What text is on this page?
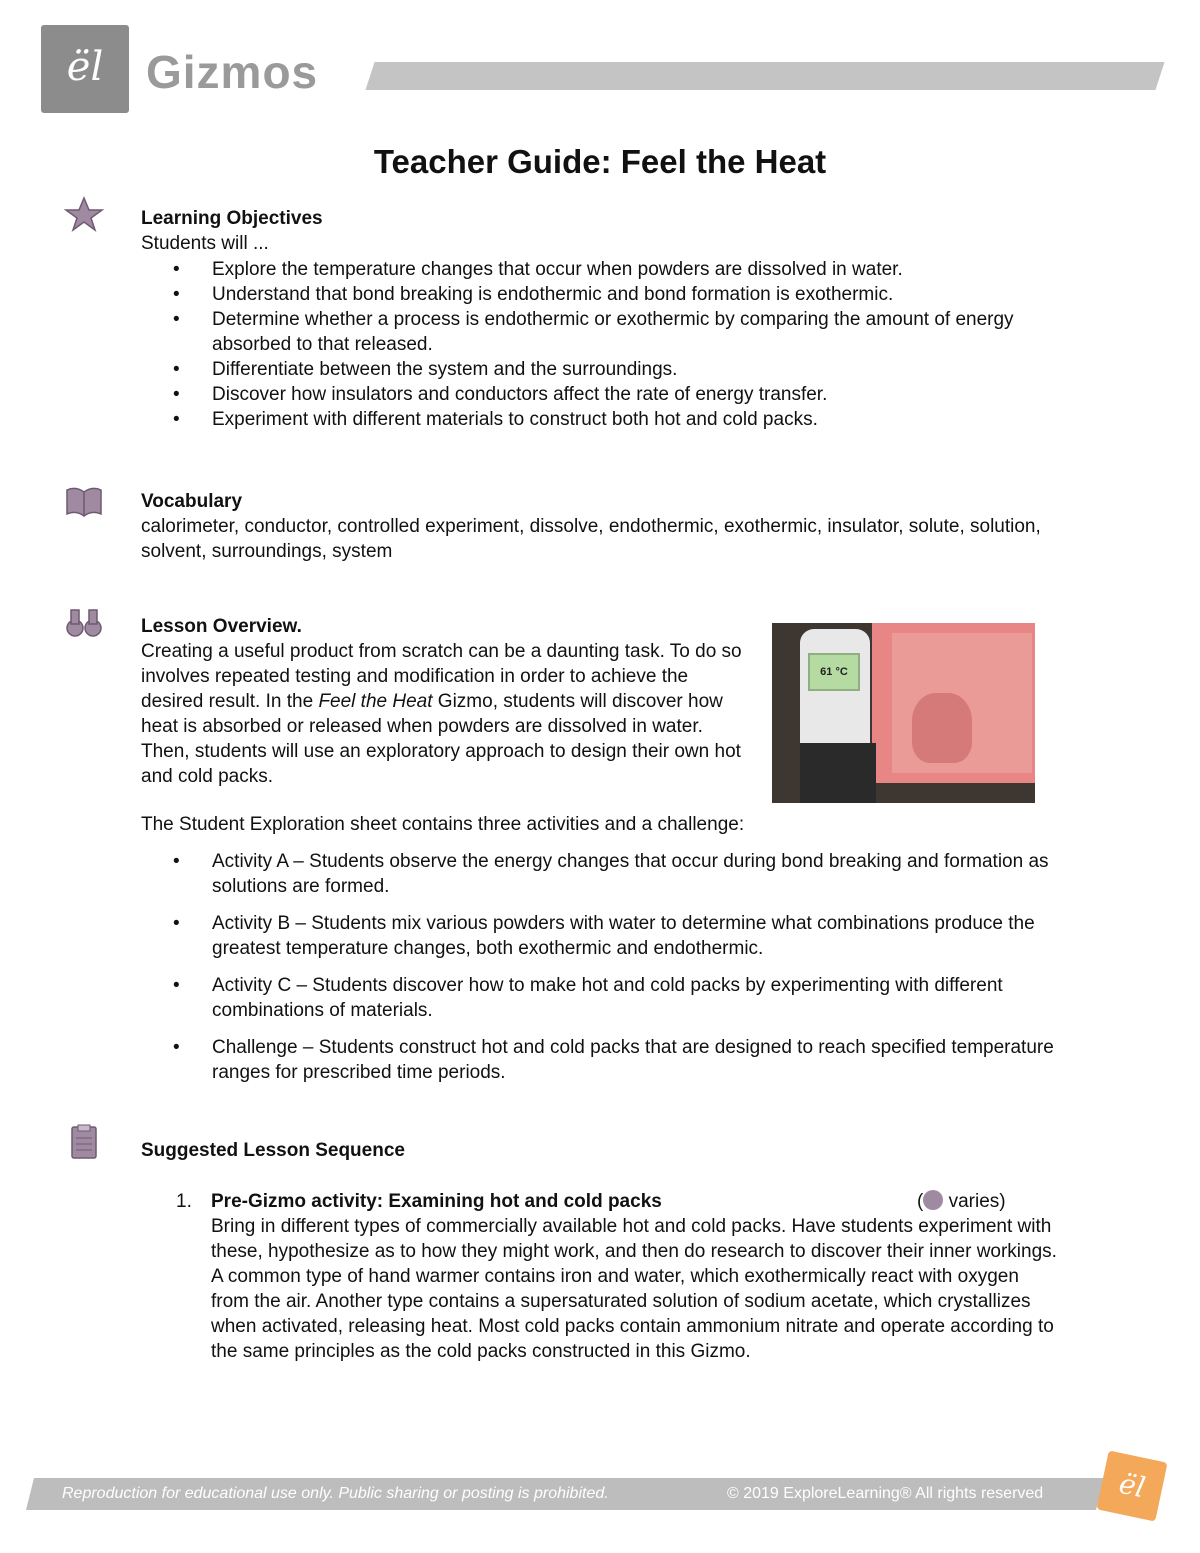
ël Gizmos
Teacher Guide: Feel the Heat
Learning Objectives
Students will ...
• Explore the temperature changes that occur when powders are dissolved in water.
• Understand that bond breaking is endothermic and bond formation is exothermic.
• Determine whether a process is endothermic or exothermic by comparing the amount of energy absorbed to that released.
• Differentiate between the system and the surroundings.
• Discover how insulators and conductors affect the rate of energy transfer.
• Experiment with different materials to construct both hot and cold packs.
Vocabulary
calorimeter, conductor, controlled experiment, dissolve, endothermic, exothermic, insulator, solute, solution, solvent, surroundings, system
Lesson Overview.
Creating a useful product from scratch can be a daunting task. To do so involves repeated testing and modification in order to achieve the desired result. In the Feel the Heat Gizmo, students will discover how heat is absorbed or released when powders are dissolved in water. Then, students will use an exploratory approach to design their own hot and cold packs.
61 °C
The Student Exploration sheet contains three activities and a challenge:
• Activity A – Students observe the energy changes that occur during bond breaking and formation as solutions are formed.
• Activity B – Students mix various powders with water to determine what combinations produce the greatest temperature changes, both exothermic and endothermic.
• Activity C – Students discover how to make hot and cold packs by experimenting with different combinations of materials.
• Challenge – Students construct hot and cold packs that are designed to reach specified temperature ranges for prescribed time periods.
Suggested Lesson Sequence
1. Pre-Gizmo activity: Examining hot and cold packs	( varies)
Bring in different types of commercially available hot and cold packs. Have students experiment with these, hypothesize as to how they might work, and then do research to discover their inner workings. A common type of hand warmer contains iron and water, which exothermically react with oxygen from the air. Another type contains a supersaturated solution of sodium acetate, which crystallizes when activated, releasing heat. Most cold packs contain ammonium nitrate and operate according to the same principles as the cold packs constructed in this Gizmo.
Reproduction for educational use only. Public sharing or posting is prohibited.	© 2019 ExploreLearning® All rights reserved	ël
